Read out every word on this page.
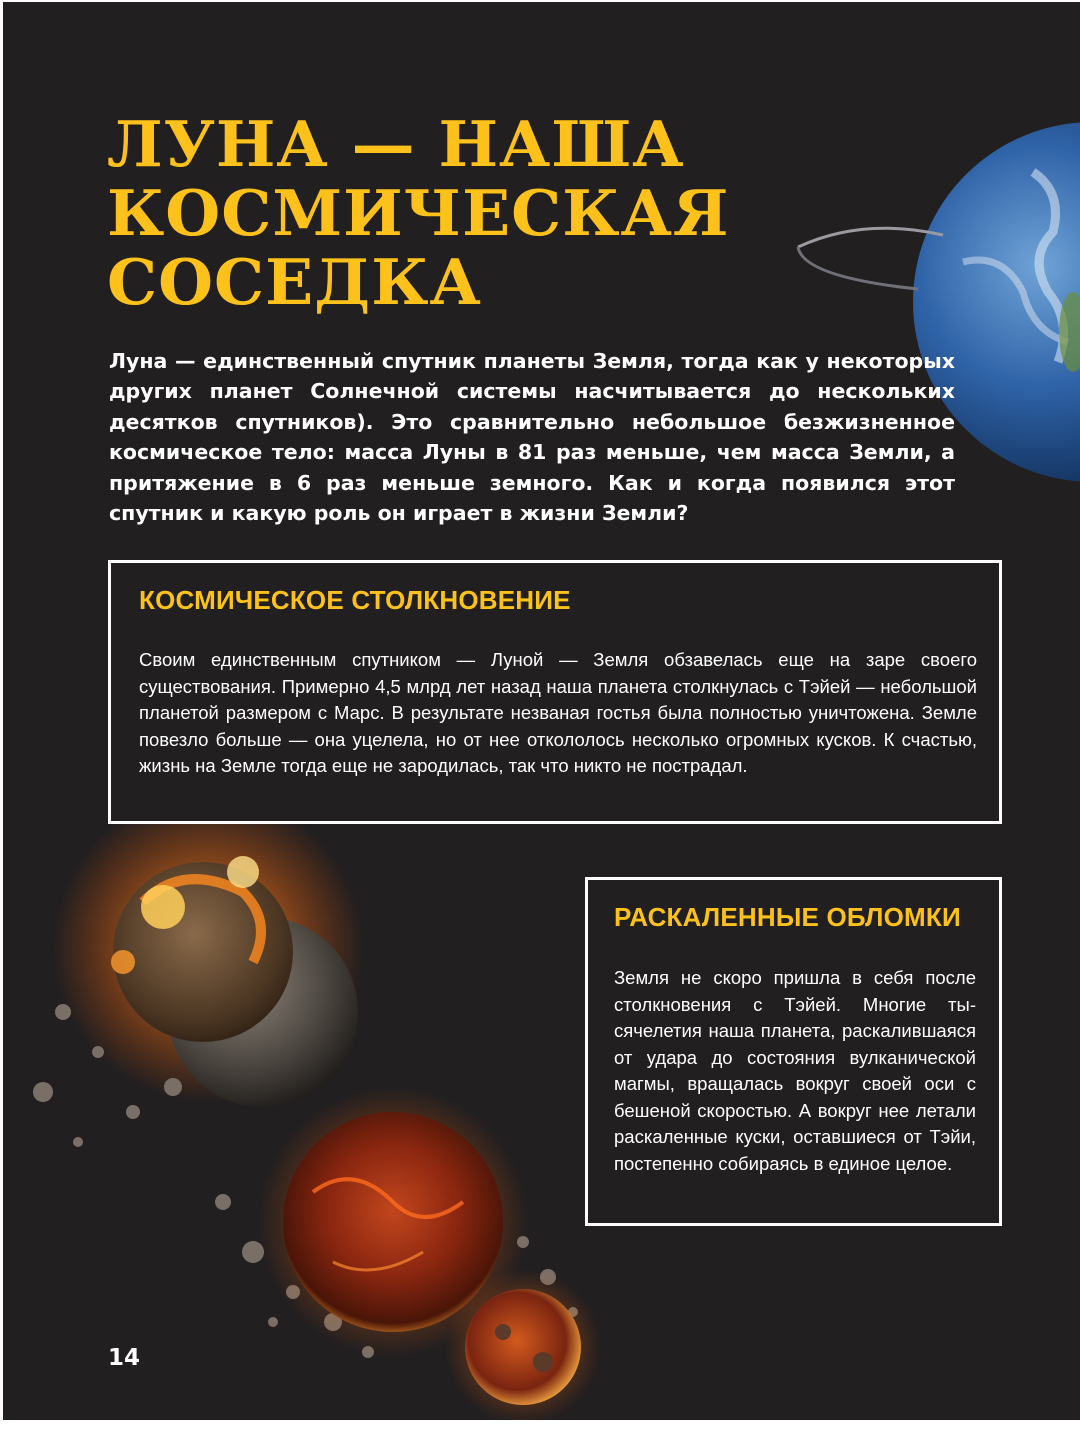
ЛУНА — НАША
КОСМИЧЕСКАЯ
СОСЕДКА

Луна — единственный спутник планеты Земля, тогда как у некоторых других планет Солнечной системы насчитывается до нескольких десятков спутников). Это сравнительно небольшое безжизненное космическое тело: масса Луны в 81 раз меньше, чем масса Земли, а притяжение в 6 раз меньше земного. Как и когда появился этот спутник и какую роль он играет в жизни Земли?

КОСМИЧЕСКОЕ СТОЛКНОВЕНИЕ

Своим единственным спутником — Луной — Земля обзавелась еще на заре своего существования. Примерно 4,5 млрд лет назад наша планета столкнулась с Тэйей — небольшой планетой размером с Марс. В результате незваная гостья была полностью уничтожена. Земле повезло больше — она уцелела, но от нее откололось несколько огромных кусков. К счастью, жизнь на Земле тогда еще не зародилась, так что никто не пострадал.

РАСКАЛЕННЫЕ ОБЛОМКИ

Земля не скоро пришла в себя после столкновения с Тэйей. Многие тысячелетия наша планета, раскалившаяся от удара до состояния вулканической магмы, вращалась вокруг своей оси с бешеной скоростью. А вокруг нее летали раскаленные куски, оставшиеся от Тэйи, постепенно собираясь в единое целое.

14
